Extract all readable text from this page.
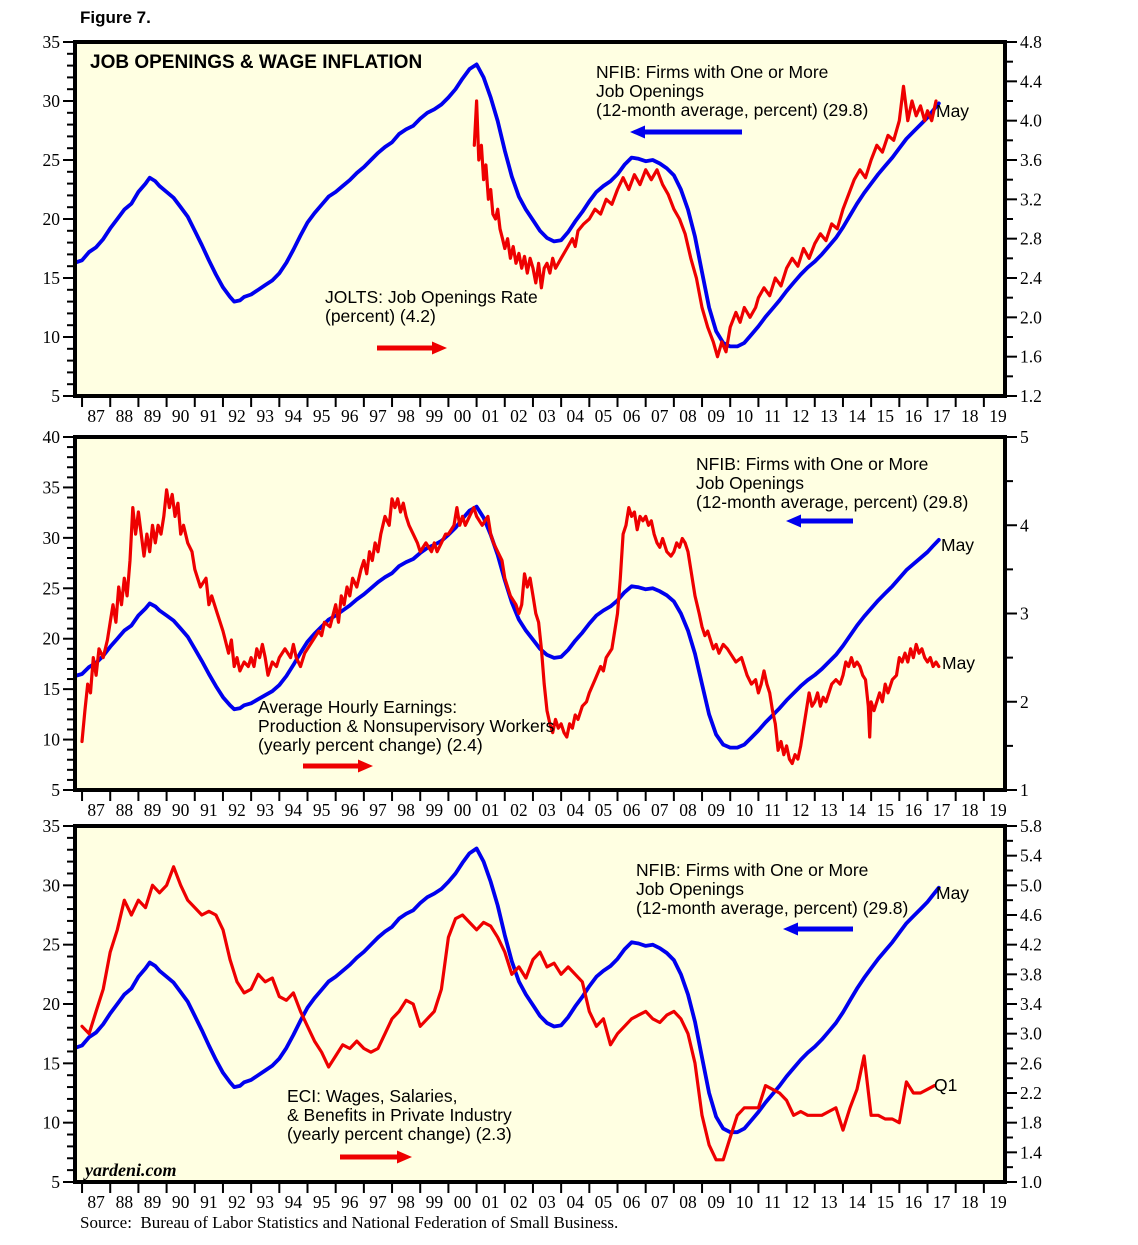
Figure 7.
35
30
25
20
15
10
5
4.8
4.4
4.0
3.6
3.2
2.8
2.4
2.0
1.6
1.2
87 88 89 90 91 92 93 94 95 96 97 98 99 00 01 02 03 04 05 06 07 08 09 10 11 12 13 14 15 16 17 18 19
JOB OPENINGS & WAGE INFLATION	NFIB: Firms with One or More
Job Openings
(12-month average, percent) (29.8)
JOLTS: Job Openings Rate
(percent) (4.2)
May
40
35
30
25
20
15
10
5
5
4
3
2
1
87 88 89 90 91 92 93 94 95 96 97 98 99 00 01 02 03 04 05 06 07 08 09 10 11 12 13 14 15 16 17 18 19
NFIB: Firms with One or More
Job Openings
(12-month average, percent) (29.8)
May
May
Average Hourly Earnings:
Production & Nonsupervisory Workers
(yearly percent change) (2.4)
35
30
25
20
15
10
5
5.8
5.4
5.0
4.6
4.2
3.8
3.4
3.0
2.6
2.2
1.8
1.4
1.0
87 88 89 90 91 92 93 94 95 96 97 98 99 00 01 02 03 04 05 06 07 08 09 10 11 12 13 14 15 16 17 18 19
NFIB: Firms with One or More
Job Openings
(12-month average, percent) (29.8)
May
Q1
ECI: Wages, Salaries,
& Benefits in Private Industry
(yearly percent change) (2.3)
yardeni.com
Source:  Bureau of Labor Statistics and National Federation of Small Business.
